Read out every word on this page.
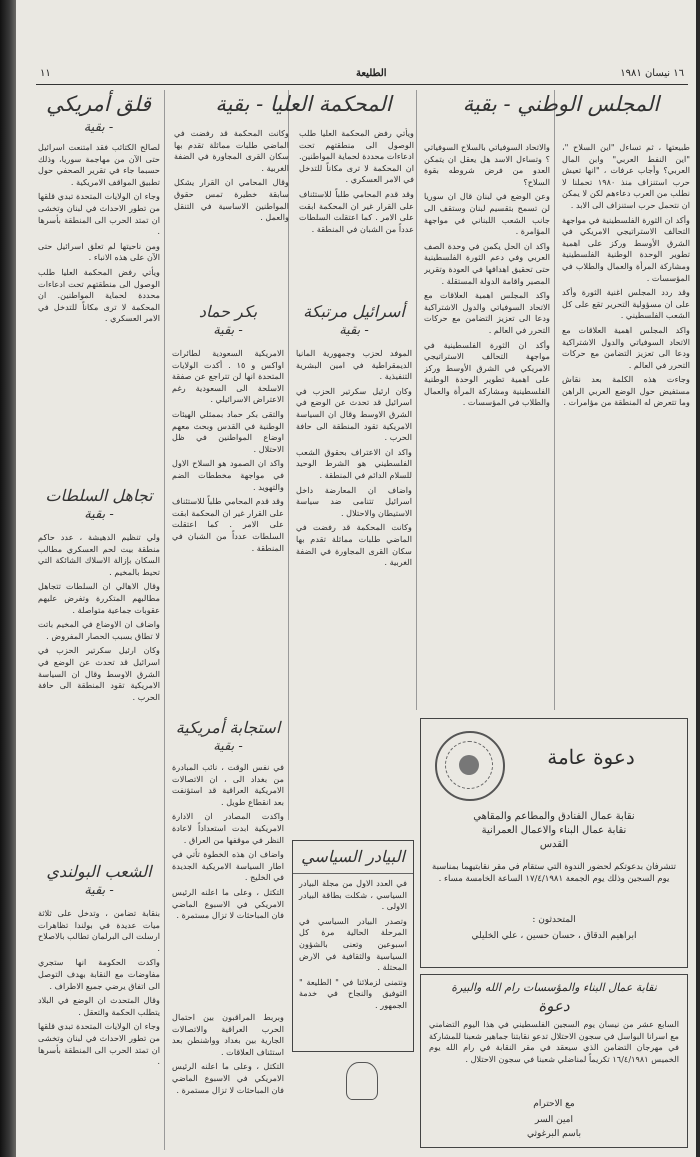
١١	الطليعة	١٦ نيسان ١٩٨١
المجلس الوطني - بقية
المحكمة العليا - بقية
قلق أمريكي
- بقية

طبيعتها ، ثم تساءل "اين السلاح "، "اين النفط العربي" وابن المال العربي؟ وأجاب عرفات ، "انها تعيش حرب استنزاف منذ ١٩٨٠ تحملنا لا نطلب من العرب دعاءهم لكن لا يمكن ان نتحمل حرب استنزاف الى الابد .

وأكد ان الثورة الفلسطينية في مواجهة التحالف الاستراتيجي الامريكي في الشرق الأوسط وركز على اهمية تطوير الوحدة الوطنية الفلسطينية ومشاركة المرأة والعمال والطلاب في المؤسسات .

وقد ردد المجلس اغنية الثورة وأكد على ان مسؤولية التحرير تقع على كل الشعب الفلسطيني .

واكد المجلس اهمية العلاقات مع الاتحاد السوفياتي والدول الاشتراكية ودعا الى تعزيز التضامن مع حركات التحرر في العالم .

وجاءت هذه الكلمة بعد نقاش مستفيض حول الوضع العربي الراهن وما تتعرض له المنطقة من مؤامرات .

والاتحاد السوفياتي بالسلاح السوفياتي ؟ وتساءل الاسد هل يعقل ان يتمكن العدو من فرض شروطه بقوة السلاح؟

وعن الوضع في لبنان قال ان سوريا لن تسمح بتقسيم لبنان وستقف الى جانب الشعب اللبناني في مواجهة المؤامرة .

واكد ان الحل يكمن في وحدة الصف العربي وفي دعم الثورة الفلسطينية حتى تحقيق اهدافها في العودة وتقرير المصير واقامة الدولة المستقلة .

واكد المجلس اهمية العلاقات مع الاتحاد السوفياتي والدول الاشتراكية ودعا الى تعزيز التضامن مع حركات التحرر في العالم .

وأكد ان الثورة الفلسطينية في مواجهة التحالف الاستراتيجي الامريكي في الشرق الأوسط وركز على اهمية تطوير الوحدة الوطنية الفلسطينية ومشاركة المرأة والعمال والطلاب في المؤسسات .

ويأتي رفض المحكمة العليا طلب الوصول الى منطقتهم تحت ادعاءات محددة لحماية المواطنين. ان المحكمة لا ترى مكاناً للتدخل في الامر العسكري .

وقد قدم المحامي طلباً للاستئناف على القرار غير ان المحكمة ابقت على الامر . كما اعتقلت السلطات عدداً من الشبان في المنطقة .

وكانت المحكمة قد رفضت في الماضي طلبات مماثلة تقدم بها سكان القرى المجاورة في الضفة الغربية .

وقال المحامي ان القرار يشكل سابقة خطيرة تمس حقوق المواطنين الاساسية في التنقل والعمل .

أسرائيل مرتبكة
- بقية

الموفد لحزب وجمهورية المانيا الديمقراطية في امين البشرية التنفيذية .

وكان ارئيل سكرتير الحزب في اسرائيل قد تحدث عن الوضع في الشرق الاوسط وقال ان السياسة الامريكية تقود المنطقة الى حافة الحرب .

واكد ان الاعتراف بحقوق الشعب الفلسطيني هو الشرط الوحيد للسلام الدائم في المنطقة .

واضاف ان المعارضة داخل اسرائيل تتنامى ضد سياسة الاستيطان والاحتلال .

وكانت المحكمة قد رفضت في الماضي طلبات مماثلة تقدم بها سكان القرى المجاورة في الضفة الغربية .

بكر حماد
- بقية

الامريكية السعودية لطائرات اواكس و ١٥ . أكدت الولايات المتحدة انها لن تتراجع عن صفقة الاسلحة الى السعودية رغم الاعتراض الاسرائيلي .

والتقى بكر حماد بممثلي الهيئات الوطنية في القدس وبحث معهم اوضاع المواطنين في ظل الاحتلال .

واكد ان الصمود هو السلاح الاول في مواجهة مخططات الضم والتهويد .

وقد قدم المحامي طلباً للاستئناف على القرار غير ان المحكمة ابقت على الامر . كما اعتقلت السلطات عدداً من الشبان في المنطقة .

استجابة أمريكية
- بقية

في نفس الوقت ، نائب المبادرة من بغداد الى ، ان الاتصالات الامريكية العراقية قد استؤنفت بعد انقطاع طويل .

واكدت المصادر ان الادارة الامريكية ابدت استعداداً لاعادة النظر في موقفها من العراق .

واضاف ان هذه الخطوة تأتي في اطار السياسة الامريكية الجديدة في الخليج .

التكتل ، وعلى ما اعلنه الرئيس الامريكي في الاسبوع الماضي فان المباحثات لا تزال مستمرة .

وبربط المراقبون بين احتمال الحرب العراقية والاتصالات الجارية بين بغداد وواشنطن بعد استئناف العلاقات .

التكتل ، وعلى ما اعلنه الرئيس الامريكي في الاسبوع الماضي فان المباحثات لا تزال مستمرة .

لصالح الكتائب فقد امتنعت اسرائيل حتى الآن من مهاجمة سوريا، وذلك حسبما جاء في تقرير الصحفي حول تطبيق المواقف الامريكية .

وجاء ان الولايات المتحدة تبدي قلقها من تطور الاحداث في لبنان وتخشى ان تمتد الحرب الى المنطقة بأسرها .

ومن ناحيتها لم تعلق اسرائيل حتى الآن على هذه الانباء .

ويأتي رفض المحكمة العليا طلب الوصول الى منطقتهم تحت ادعاءات محددة لحماية المواطنين. ان المحكمة لا ترى مكاناً للتدخل في الامر العسكري .

تجاهل السلطات
- بقية

ولي تنظيم الدهيشة ، عدد حاكم منطقة بيت لحم العسكري مطالب السكان بإزالة الاسلاك الشائكة التي تحيط بالمخيم .

وقال الاهالي ان السلطات تتجاهل مطالبهم المتكررة وتفرض عليهم عقوبات جماعية متواصلة .

واضاف ان الاوضاع في المخيم باتت لا تطاق بسبب الحصار المفروض .

وكان ارئيل سكرتير الحزب في اسرائيل قد تحدث عن الوضع في الشرق الاوسط وقال ان السياسة الامريكية تقود المنطقة الى حافة الحرب .

الشعب البولندي
- بقية

بنقابة تضامن ، وتدخل على ثلاثة ميات عديدة في بولندا تظاهرات ارسلت الى البرلمان تطالب بالاصلاح .

واكدت الحكومة انها ستجري مفاوضات مع النقابة بهدف التوصل الى اتفاق يرضي جميع الاطراف .

وقال المتحدث ان الوضع في البلاد يتطلب الحكمة والتعقل .

وجاء ان الولايات المتحدة تبدي قلقها من تطور الاحداث في لبنان وتخشى ان تمتد الحرب الى المنطقة بأسرها .

البيادر السياسي

في العدد الاول من مجلة البيادر السياسي ، شكلت بطاقة البيادر الاولى .

وتصدر البيادر السياسي في المرحلة الحالية مرة كل اسبوعين وتعنى بالشؤون السياسية والثقافية في الارض المحتلة .

ونتمنى لزملائنا في " الطليعة " التوفيق والنجاح في خدمة الجمهور .

دعوة عامة
نقابة عمال الفنادق والمطاعم والمقاهي
نقابة عمال البناء والاعمال العمرانية
القدس
تتشرفان بدعوتكم لحضور الندوة التي ستقام في مقر نقابتيهما بمناسبة يوم السجين وذلك يوم الجمعة ١٧/٤/١٩٨١ الساعة الخامسة مساء .
المتحدثون :
ابراهيم الدقاق ، حسان حسين ، علي الخليلي
نقابة عمال البناء والمؤسسات رام الله والبيرة
دعوة
السابع عشر من نيسان يوم السجين الفلسطيني في هذا اليوم التضامني مع اسرانا البواسل في سجون الاحتلال تدعو نقابتنا جماهير شعبنا للمشاركة في مهرجان التضامن الذي سيعقد في مقر النقابة في رام الله يوم الخميس ١٦/٤/١٩٨١ تكريماً لمناضلي شعبنا في سجون الاحتلال .
مع الاحترام
امين السر
باسم البرغوثي
